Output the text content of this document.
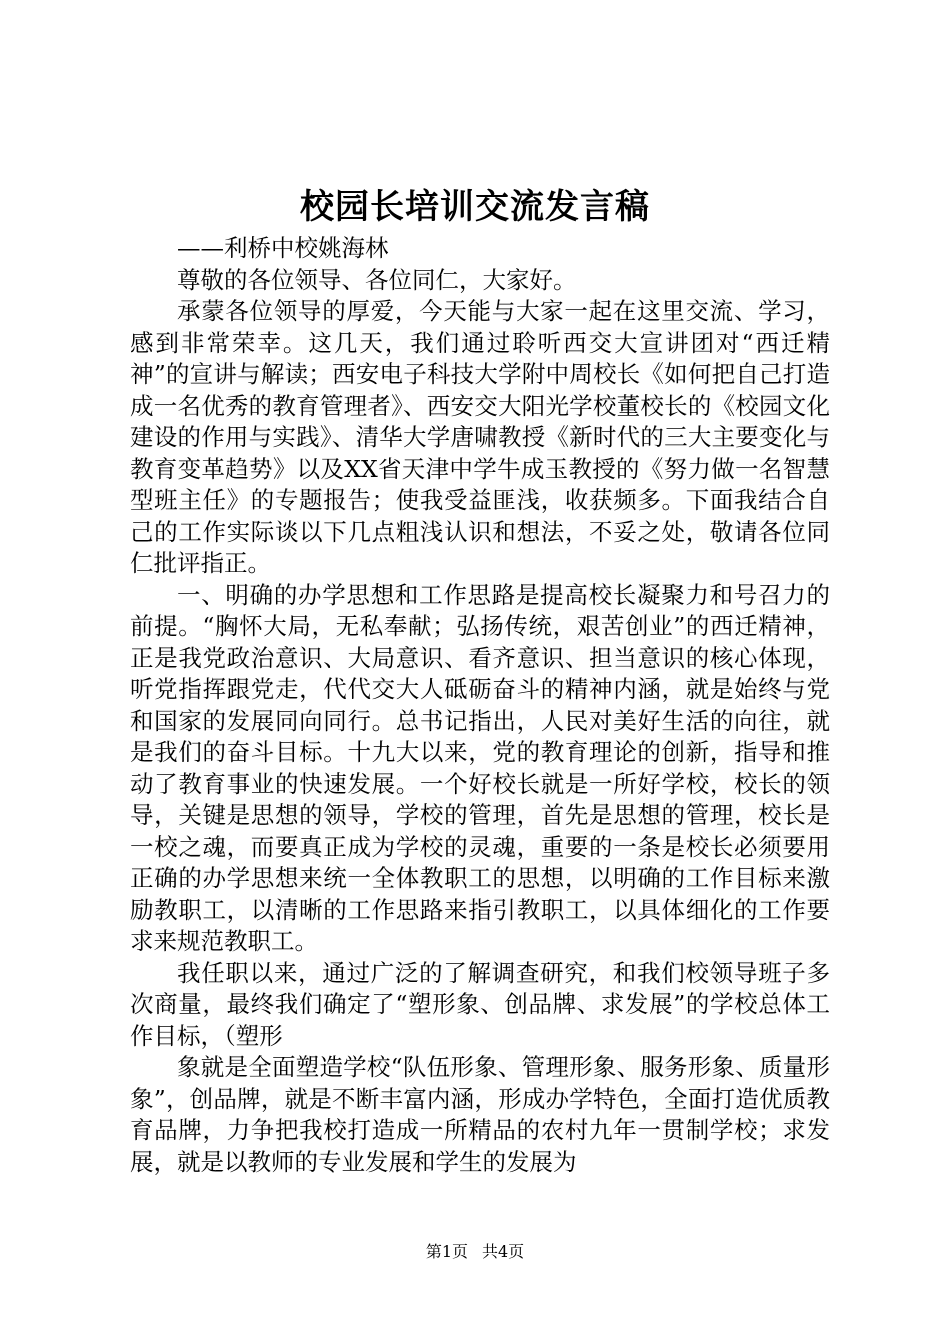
校园长培训交流发言稿

——利桥中校姚海林

尊敬的各位领导、各位同仁，大家好。

承蒙各位领导的厚爱，今天能与大家一起在这里交流、学习，感到非常荣幸。这几天，我们通过聆听西交大宣讲团对“西迁精神”的宣讲与解读；西安电子科技大学附中周校长《如何把自己打造成一名优秀的教育管理者》、西安交大阳光学校董校长的《校园文化建设的作用与实践》、清华大学唐啸教授《新时代的三大主要变化与教育变革趋势》以及XX省天津中学牛成玉教授的《努力做一名智慧型班主任》的专题报告；使我受益匪浅，收获频多。下面我结合自己的工作实际谈以下几点粗浅认识和想法，不妥之处，敬请各位同仁批评指正。

一、明确的办学思想和工作思路是提高校长凝聚力和号召力的前提。“胸怀大局，无私奉献；弘扬传统，艰苦创业”的西迁精神，正是我党政治意识、大局意识、看齐意识、担当意识的核心体现，听党指挥跟党走，代代交大人砥砺奋斗的精神内涵，就是始终与党和国家的发展同向同行。总书记指出，人民对美好生活的向往，就是我们的奋斗目标。十九大以来，党的教育理论的创新，指导和推动了教育事业的快速发展。一个好校长就是一所好学校，校长的领导，关键是思想的领导，学校的管理，首先是思想的管理，校长是一校之魂，而要真正成为学校的灵魂，重要的一条是校长必须要用正确的办学思想来统一全体教职工的思想，以明确的工作目标来激励教职工，以清晰的工作思路来指引教职工，以具体细化的工作要求来规范教职工。

我任职以来，通过广泛的了解调查研究，和我们校领导班子多次商量，最终我们确定了“塑形象、创品牌、求发展”的学校总体工作目标，（塑形

象就是全面塑造学校“队伍形象、管理形象、服务形象、质量形象”，创品牌，就是不断丰富内涵，形成办学特色，全面打造优质教育品牌，力争把我校打造成一所精品的农村九年一贯制学校；求发展，就是以教师的专业发展和学生的发展为

第1页 共4页
